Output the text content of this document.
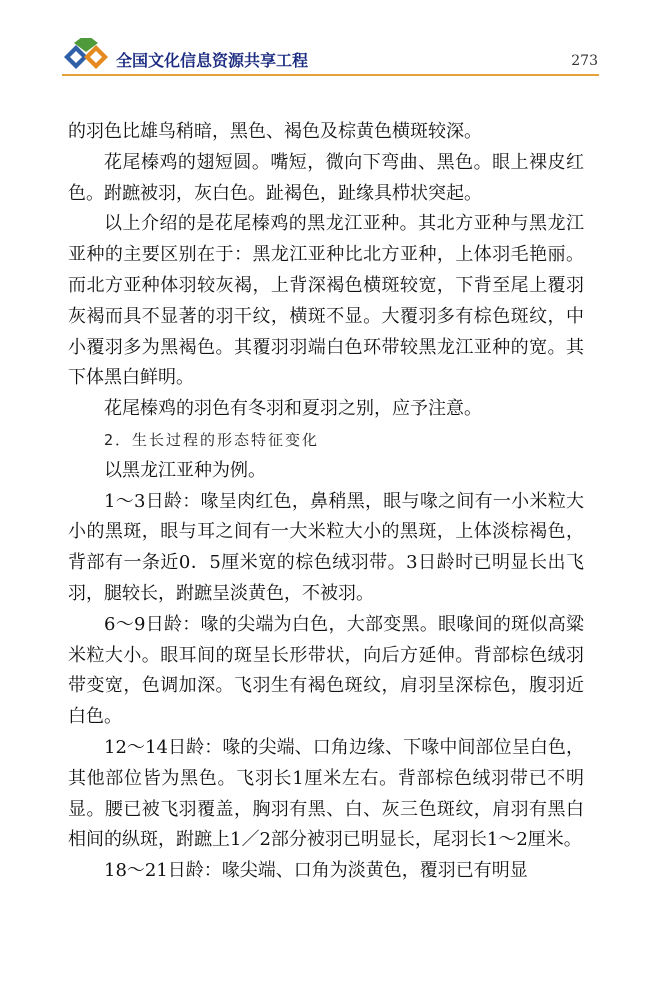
全国文化信息资源共享工程	273

的羽色比雄鸟稍暗，黑色、褐色及棕黄色横斑较深。

花尾榛鸡的翅短圆。嘴短，微向下弯曲、黑色。眼上裸皮红色。跗蹠被羽，灰白色。趾褐色，趾缘具栉状突起。

以上介绍的是花尾榛鸡的黑龙江亚种。其北方亚种与黑龙江亚种的主要区别在于：黑龙江亚种比北方亚种，上体羽毛艳丽。而北方亚种体羽较灰褐，上背深褐色横斑较宽，下背至尾上覆羽灰褐而具不显著的羽干纹，横斑不显。大覆羽多有棕色斑纹，中小覆羽多为黑褐色。其覆羽羽端白色环带较黑龙江亚种的宽。其下体黑白鲜明。

花尾榛鸡的羽色有冬羽和夏羽之别，应予注意。

2．生长过程的形态特征变化

以黑龙江亚种为例。

1～3日龄：喙呈肉红色，鼻稍黑，眼与喙之间有一小米粒大小的黑斑，眼与耳之间有一大米粒大小的黑斑，上体淡棕褐色，背部有一条近0．5厘米宽的棕色绒羽带。3日龄时已明显长出飞羽，腿较长，跗蹠呈淡黄色，不被羽。

6～9日龄：喙的尖端为白色，大部变黑。眼喙间的斑似高粱米粒大小。眼耳间的斑呈长形带状，向后方延伸。背部棕色绒羽带变宽，色调加深。飞羽生有褐色斑纹，肩羽呈深棕色，腹羽近白色。

12～14日龄：喙的尖端、口角边缘、下喙中间部位呈白色，其他部位皆为黑色。飞羽长1厘米左右。背部棕色绒羽带已不明显。腰已被飞羽覆盖，胸羽有黑、白、灰三色斑纹，肩羽有黑白相间的纵斑，跗蹠上1／2部分被羽已明显长，尾羽长1～2厘米。

18～21日龄：喙尖端、口角为淡黄色，覆羽已有明显
